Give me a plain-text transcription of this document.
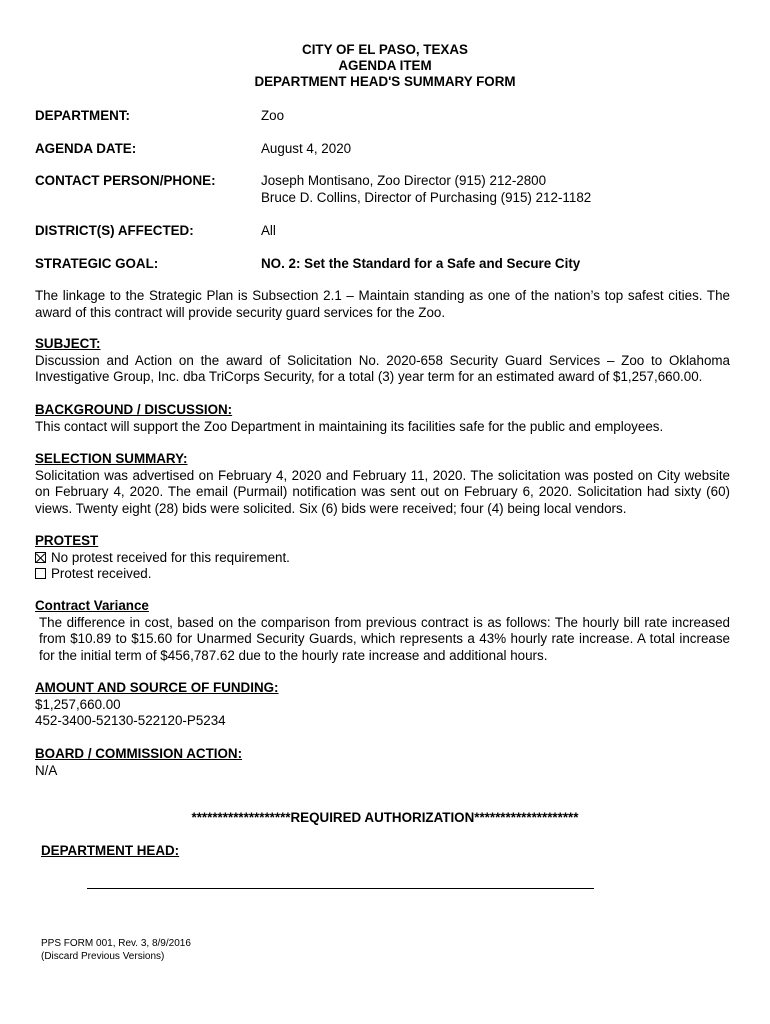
CITY OF EL PASO, TEXAS
AGENDA ITEM
DEPARTMENT HEAD'S SUMMARY FORM
DEPARTMENT:	Zoo
AGENDA DATE:	August 4, 2020
CONTACT PERSON/PHONE:	Joseph Montisano, Zoo Director (915) 212-2800
Bruce D. Collins, Director of Purchasing (915) 212-1182
DISTRICT(S) AFFECTED:	All
STRATEGIC GOAL:	NO. 2: Set the Standard for a Safe and Secure City
The linkage to the Strategic Plan is Subsection 2.1 – Maintain standing as one of the nation’s top safest cities. The award of this contract will provide security guard services for the Zoo.
SUBJECT:
Discussion and Action on the award of Solicitation No. 2020-658 Security Guard Services – Zoo to Oklahoma Investigative Group, Inc. dba TriCorps Security, for a total (3) year term for an estimated award of $1,257,660.00.
BACKGROUND / DISCUSSION:
This contact will support the Zoo Department in maintaining its facilities safe for the public and employees.
SELECTION SUMMARY:
Solicitation was advertised on February 4, 2020 and February 11, 2020. The solicitation was posted on City website on February 4, 2020. The email (Purmail) notification was sent out on February 6, 2020. Solicitation had sixty (60) views. Twenty eight (28) bids were solicited. Six (6) bids were received; four (4) being local vendors.
PROTEST
No protest received for this requirement.
Protest received.
Contract Variance
The difference in cost, based on the comparison from previous contract is as follows: The hourly bill rate increased from $10.89 to $15.60 for Unarmed Security Guards, which represents a 43% hourly rate increase. A total increase for the initial term of $456,787.62 due to the hourly rate increase and additional hours.
AMOUNT AND SOURCE OF FUNDING:
$1,257,660.00
452-3400-52130-522120-P5234
BOARD / COMMISSION ACTION:
N/A
*******************REQUIRED AUTHORIZATION********************
DEPARTMENT HEAD:
PPS FORM 001, Rev. 3, 8/9/2016
(Discard Previous Versions)
